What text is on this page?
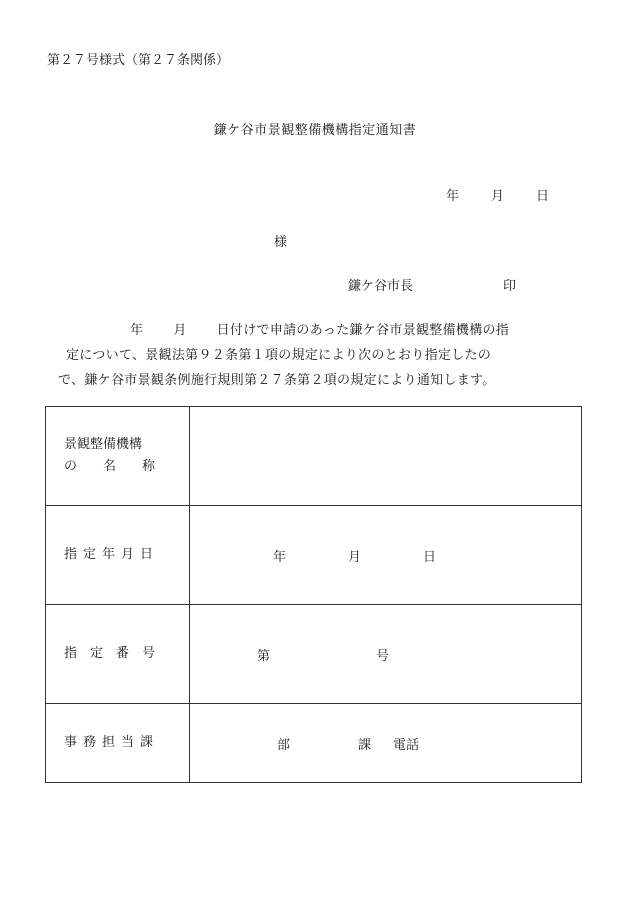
第２７号様式（第２７条関係）
鎌ケ谷市景観整備機構指定通知書
年 月 日
様
鎌ケ谷市長	印

年 月 日付けで申請のあった鎌ケ谷市景観整備機構の指

定について、景観法第９２条第１項の規定により次のとおり指定したの

で、鎌ケ谷市景観条例施行規則第２７条第２項の規定により通知します。

景観整備機構
の 名 称	

指定年月日	年 月 日

指定番号	第 号

事務担当課	部 課 電話
